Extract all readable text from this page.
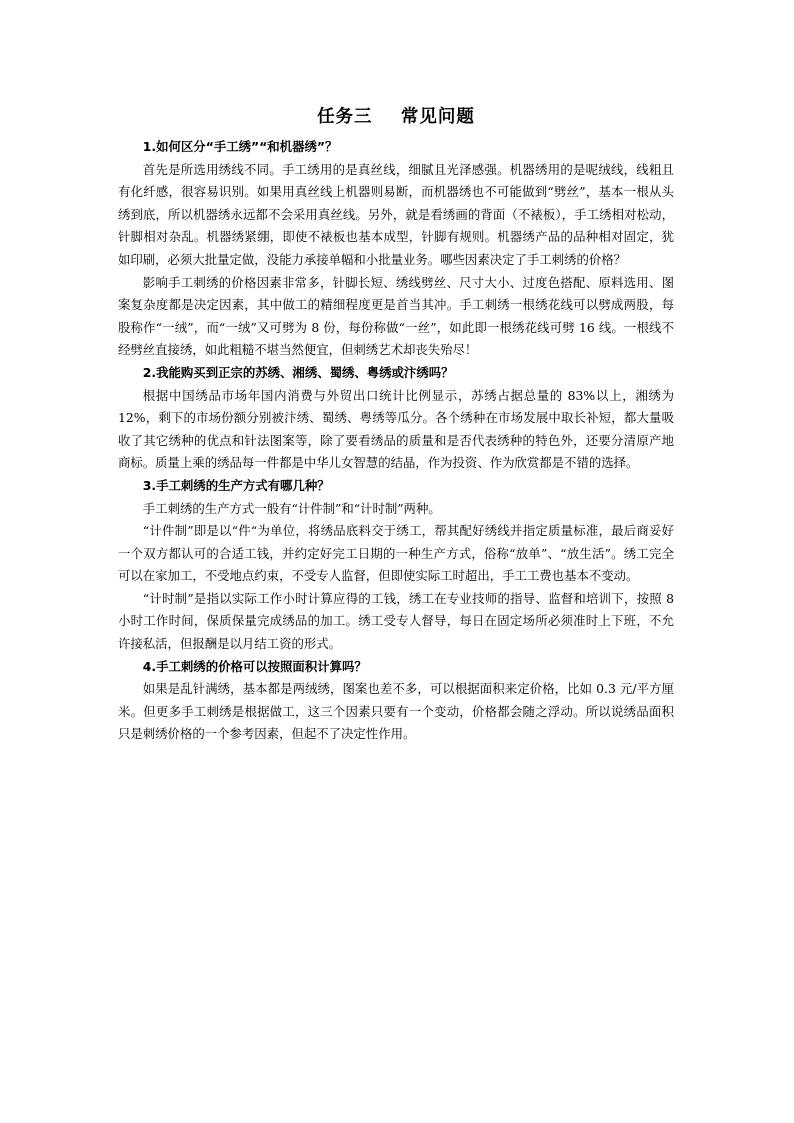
任务三    常见问题
1.如何区分“手工绣”“和机器绣”？

首先是所选用绣线不同。手工绣用的是真丝线，细腻且光泽感强。机器绣用的是呢绒线，线粗且有化纤感，很容易识别。如果用真丝线上机器则易断，而机器绣也不可能做到“劈丝”，基本一根从头绣到底，所以机器绣永远都不会采用真丝线。另外，就是看绣画的背面（不裱板），手工绣相对松动，针脚相对杂乱。机器绣紧绷，即使不裱板也基本成型，针脚有规则。机器绣产品的品种相对固定，犹如印刷，必须大批量定做，没能力承接单幅和小批量业务。哪些因素决定了手工刺绣的价格？

影响手工刺绣的价格因素非常多，针脚长短、绣线劈丝、尺寸大小、过度色搭配、原料选用、图案复杂度都是决定因素，其中做工的精细程度更是首当其冲。手工刺绣一根绣花线可以劈成两股，每股称作“一绒”，而“一绒”又可劈为 8 份，每份称做“一丝”，如此即一根绣花线可劈 16 线。一根线不经劈丝直接绣，如此粗糙不堪当然便宜，但刺绣艺术却丧失殆尽！

2.我能购买到正宗的苏绣、湘绣、蜀绣、粤绣或汴绣吗？

根据中国绣品市场年国内消费与外贸出口统计比例显示，苏绣占据总量的 83%以上，湘绣为 12%，剩下的市场份额分别被汴绣、蜀绣、粤绣等瓜分。各个绣种在市场发展中取长补短，都大量吸收了其它绣种的优点和针法图案等，除了要看绣品的质量和是否代表绣种的特色外，还要分清原产地商标。质量上乘的绣品每一件都是中华儿女智慧的结晶，作为投资、作为欣赏都是不错的选择。

3.手工刺绣的生产方式有哪几种？

手工刺绣的生产方式一般有“计件制”和“计时制”两种。

“计件制”即是以“件“为单位，将绣品底料交于绣工，帮其配好绣线并指定质量标准，最后商妥好一个双方都认可的合适工钱，并约定好完工日期的一种生产方式，俗称“放单”、“放生活”。绣工完全可以在家加工，不受地点约束，不受专人监督，但即使实际工时超出，手工工费也基本不变动。

“计时制”是指以实际工作小时计算应得的工钱，绣工在专业技师的指导、监督和培训下，按照 8 小时工作时间，保质保量完成绣品的加工。绣工受专人督导，每日在固定场所必须准时上下班，不允许接私活，但报酬是以月结工资的形式。

4.手工刺绣的价格可以按照面积计算吗？

如果是乱针满绣，基本都是两绒绣，图案也差不多，可以根据面积来定价格，比如 0.3 元/平方厘米。但更多手工刺绣是根据做工，这三个因素只要有一个变动，价格都会随之浮动。所以说绣品面积只是刺绣价格的一个参考因素，但起不了决定性作用。
